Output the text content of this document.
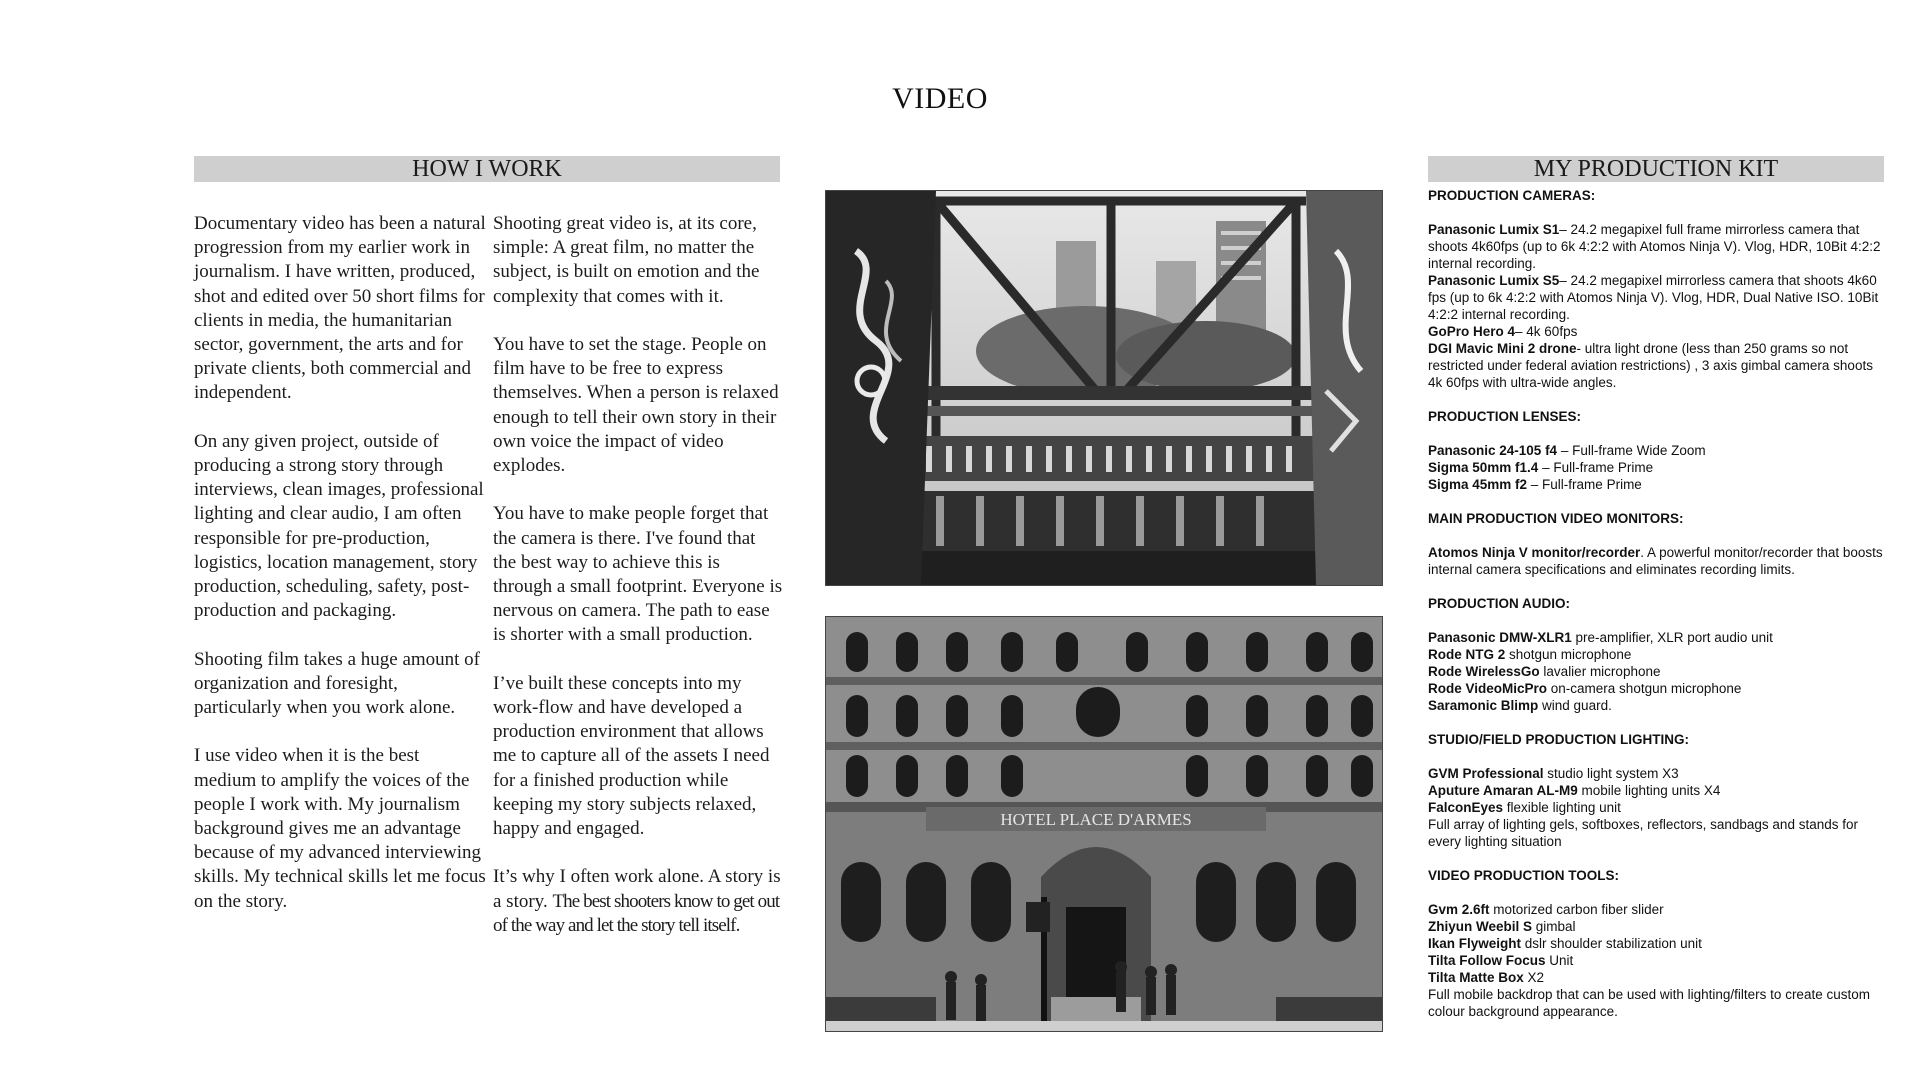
VIDEO
HOW I WORK	MY PRODUCTION KIT

Documentary video has been a natural progression from my earlier work in journalism. I have written, produced, shot and edited over 50 short films for clients in media, the humanitarian sector, government, the arts and for private clients, both commercial and independent.

On any given project, outside of producing a strong story through interviews, clean images, professional lighting and clear audio, I am often responsible for pre-production, logistics, location management, story production, scheduling, safety, post-production and packaging.

Shooting film takes a huge amount of organization and foresight, particularly when you work alone.

I use video when it is the best medium to amplify the voices of the people I work with. My journalism background gives me an advantage because of my advanced interviewing skills. My technical skills let me focus on the story.

Shooting great video is, at its core, simple: A great film, no matter the subject, is built on emotion and the complexity that comes with it.

You have to set the stage. People on film have to be free to express themselves. When a person is relaxed enough to tell their own story in their own voice the impact of video explodes.

You have to make people forget that the camera is there. I've found that the best way to achieve this is through a small footprint. Everyone is nervous on camera. The path to ease is shorter with a small production.

I’ve built these concepts into my work-flow and have developed a production environment that allows me to capture all of the assets I need for a finished production while keeping my story subjects relaxed, happy and engaged.

It’s why I often work alone. A story is a story. The best shooters know to get out of the way and let the story tell itself.

HOTEL PLACE D'ARMES
PRODUCTION CAMERAS:

Panasonic Lumix S1– 24.2 megapixel full frame mirrorless camera that shoots 4k60fps (up to 6k 4:2:2 with Atomos Ninja V). Vlog, HDR, 10Bit 4:2:2 internal recording.

Panasonic Lumix S5– 24.2 megapixel mirrorless camera that shoots 4k60 fps (up to 6k 4:2:2 with Atomos Ninja V). Vlog, HDR, Dual Native ISO. 10Bit 4:2:2 internal recording.

GoPro Hero 4– 4k 60fps

DGI Mavic Mini 2 drone- ultra light drone (less than 250 grams so not restricted under federal aviation restrictions) , 3 axis gimbal camera shoots 4k 60fps with ultra-wide angles.

PRODUCTION LENSES:

Panasonic 24-105 f4 – Full-frame Wide Zoom

Sigma 50mm f1.4 – Full-frame Prime

Sigma 45mm f2 – Full-frame Prime

MAIN PRODUCTION VIDEO MONITORS:

Atomos Ninja V monitor/recorder. A powerful monitor/recorder that boosts internal camera specifications and eliminates recording limits.

PRODUCTION AUDIO:

Panasonic DMW-XLR1 pre-amplifier, XLR port audio unit

Rode NTG 2 shotgun microphone

Rode WirelessGo lavalier microphone

Rode VideoMicPro on-camera shotgun microphone

Saramonic Blimp wind guard.

STUDIO/FIELD PRODUCTION LIGHTING:

GVM Professional studio light system X3

Aputure Amaran AL-M9 mobile lighting units X4

FalconEyes flexible lighting unit

Full array of lighting gels, softboxes, reflectors, sandbags and stands for every lighting situation

VIDEO PRODUCTION TOOLS:

Gvm 2.6ft motorized carbon fiber slider

Zhiyun Weebil S gimbal

Ikan Flyweight dslr shoulder stabilization unit

Tilta Follow Focus Unit

Tilta Matte Box X2

Full mobile backdrop that can be used with lighting/filters to create custom colour background appearance.
